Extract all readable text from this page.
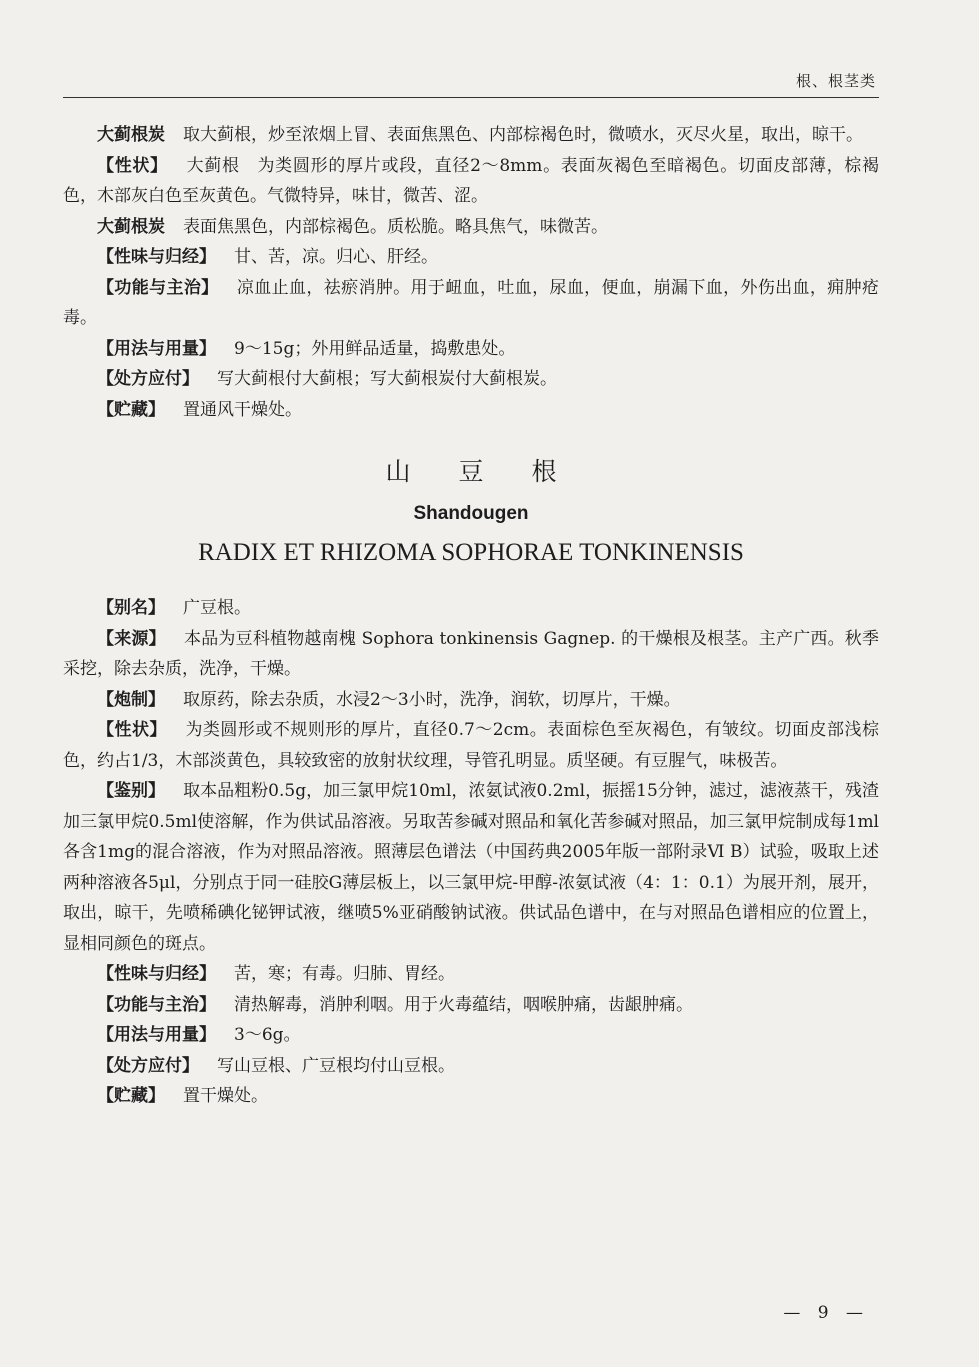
根、根茎类

大蓟根炭 取大蓟根，炒至浓烟上冒、表面焦黑色、内部棕褐色时，微喷水，灭尽火星，取出，晾干。

【性状】 大蓟根　为类圆形的厚片或段，直径2～8mm。表面灰褐色至暗褐色。切面皮部薄，棕褐色，木部灰白色至灰黄色。气微特异，味甘，微苦、涩。

大蓟根炭 表面焦黑色，内部棕褐色。质松脆。略具焦气，味微苦。

【性味与归经】 甘、苦，凉。归心、肝经。

【功能与主治】 凉血止血，祛瘀消肿。用于衄血，吐血，尿血，便血，崩漏下血，外伤出血，痈肿疮毒。

【用法与用量】 9～15g；外用鲜品适量，捣敷患处。

【处方应付】 写大蓟根付大蓟根；写大蓟根炭付大蓟根炭。

【贮藏】 置通风干燥处。

山豆根
Shandougen
RADIX ET RHIZOMA SOPHORAE TONKINENSIS

【别名】 广豆根。

【来源】 本品为豆科植物越南槐 Sophora tonkinensis Gagnep. 的干燥根及根茎。主产广西。秋季采挖，除去杂质，洗净，干燥。

【炮制】 取原药，除去杂质，水浸2～3小时，洗净，润软，切厚片，干燥。

【性状】 为类圆形或不规则形的厚片，直径0.7～2cm。表面棕色至灰褐色，有皱纹。切面皮部浅棕色，约占1/3，木部淡黄色，具较致密的放射状纹理，导管孔明显。质坚硬。有豆腥气，味极苦。

【鉴别】 取本品粗粉0.5g，加三氯甲烷10ml，浓氨试液0.2ml，振摇15分钟，滤过，滤液蒸干，残渣加三氯甲烷0.5ml使溶解，作为供试品溶液。另取苦参碱对照品和氧化苦参碱对照品，加三氯甲烷制成每1ml各含1mg的混合溶液，作为对照品溶液。照薄层色谱法（中国药典2005年版一部附录Ⅵ B）试验，吸取上述两种溶液各5μl，分别点于同一硅胶G薄层板上，以三氯甲烷-甲醇-浓氨试液（4：1：0.1）为展开剂，展开，取出，晾干，先喷稀碘化铋钾试液，继喷5%亚硝酸钠试液。供试品色谱中，在与对照品色谱相应的位置上，显相同颜色的斑点。

【性味与归经】 苦，寒；有毒。归肺、胃经。

【功能与主治】 清热解毒，消肿利咽。用于火毒蕴结，咽喉肿痛，齿龈肿痛。

【用法与用量】 3～6g。

【处方应付】 写山豆根、广豆根均付山豆根。

【贮藏】 置干燥处。

— 9 —
